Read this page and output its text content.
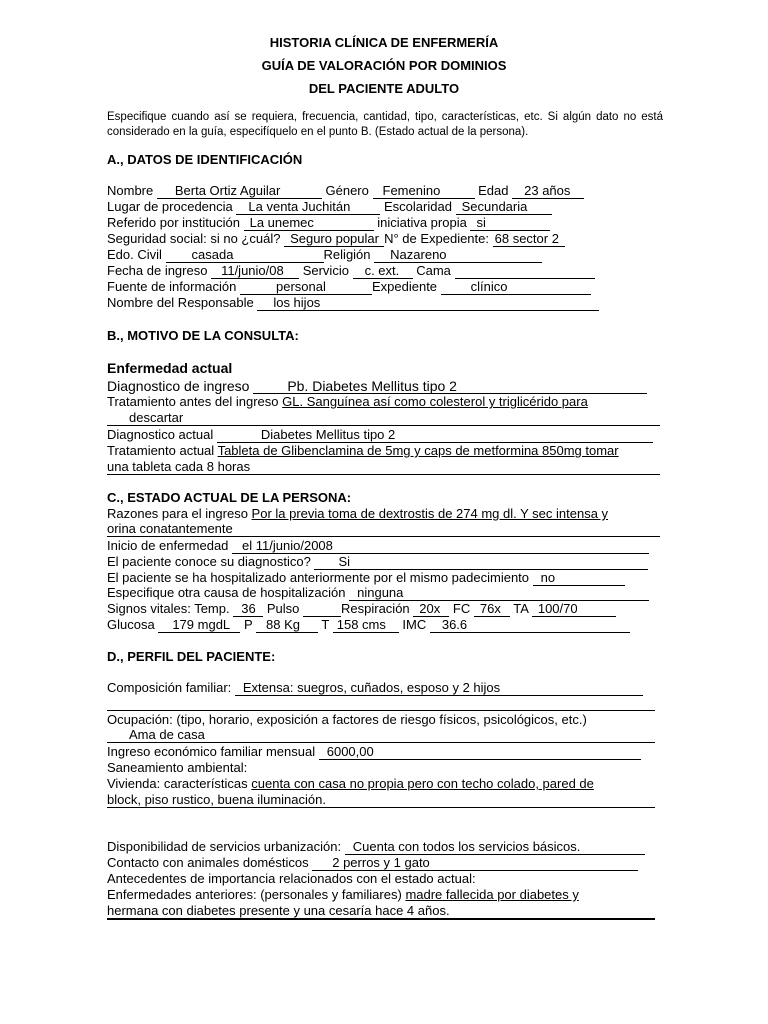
HISTORIA CLÍNICA DE ENFERMERÍA
GUÍA DE VALORACIÓN POR DOMINIOS
DEL PACIENTE ADULTO
Especifique cuando así se requiera, frecuencia, cantidad, tipo, características, etc. Si algún dato no está considerado en la guía, especifíquelo en el punto B. (Estado actual de la persona).
A., DATOS DE IDENTIFICACIÓN
Nombre Berta Ortiz Aguilar	Género Femenino	Edad 23 años
Lugar de procedencia La venta Juchitán	Escolaridad Secundaria
Referido por institución La unemec	iniciativa propia si
Seguridad social: si no ¿cuál? Seguro popular N° de Expediente: 68 sector 2
Edo. Civil casada	Religión Nazareno
Fecha de ingreso 11/junio/08 Servicio c. ext. Cama
Fuente de información	personal	Expediente	clínico
Nombre del Responsable los hijos
B., MOTIVO DE LA CONSULTA:
Enfermedad actual
Diagnostico de ingreso	Pb. Diabetes Mellitus tipo 2
Tratamiento antes del ingreso GL. Sanguínea así como colesterol y triglicérido para
descartar
Diagnostico actual	Diabetes Mellitus tipo 2
Tratamiento actual Tableta de Glibenclamina de 5mg y caps de metformina 850mg tomar
una tableta cada 8 horas
C., ESTADO ACTUAL DE LA PERSONA:
Razones para el ingreso Por la previa toma de dextrostis de 274 mg dl. Y sec intensa y
orina conatantemente
Inicio de enfermedad el 11/junio/2008
El paciente conoce su diagnostico? Si
El paciente se ha hospitalizado anteriormente por el mismo padecimiento no
Especifique otra causa de hospitalización ninguna
Signos vitales: Temp. 36 Pulso	Respiración 20x FC 76x TA 100/70
Glucosa 179 mgdL P 88 Kg T 158 cms IMC 36.6
D., PERFIL DEL PACIENTE:
Composición familiar: Extensa: suegros, cuñados, esposo y 2 hijos
Ocupación: (tipo, horario, exposición a factores de riesgo físicos, psicológicos, etc.)
Ama de casa
Ingreso económico familiar mensual 6000,00
Saneamiento ambiental:
Vivienda: características cuenta con casa no propia pero con techo colado, pared de
block, piso rustico, buena iluminación.
Disponibilidad de servicios urbanización: Cuenta con todos los servicios básicos.
Contacto con animales domésticos 2 perros y 1 gato
Antecedentes de importancia relacionados con el estado actual:
Enfermedades anteriores: (personales y familiares) madre fallecida por diabetes y
hermana con diabetes presente y una cesaría hace 4 años.
